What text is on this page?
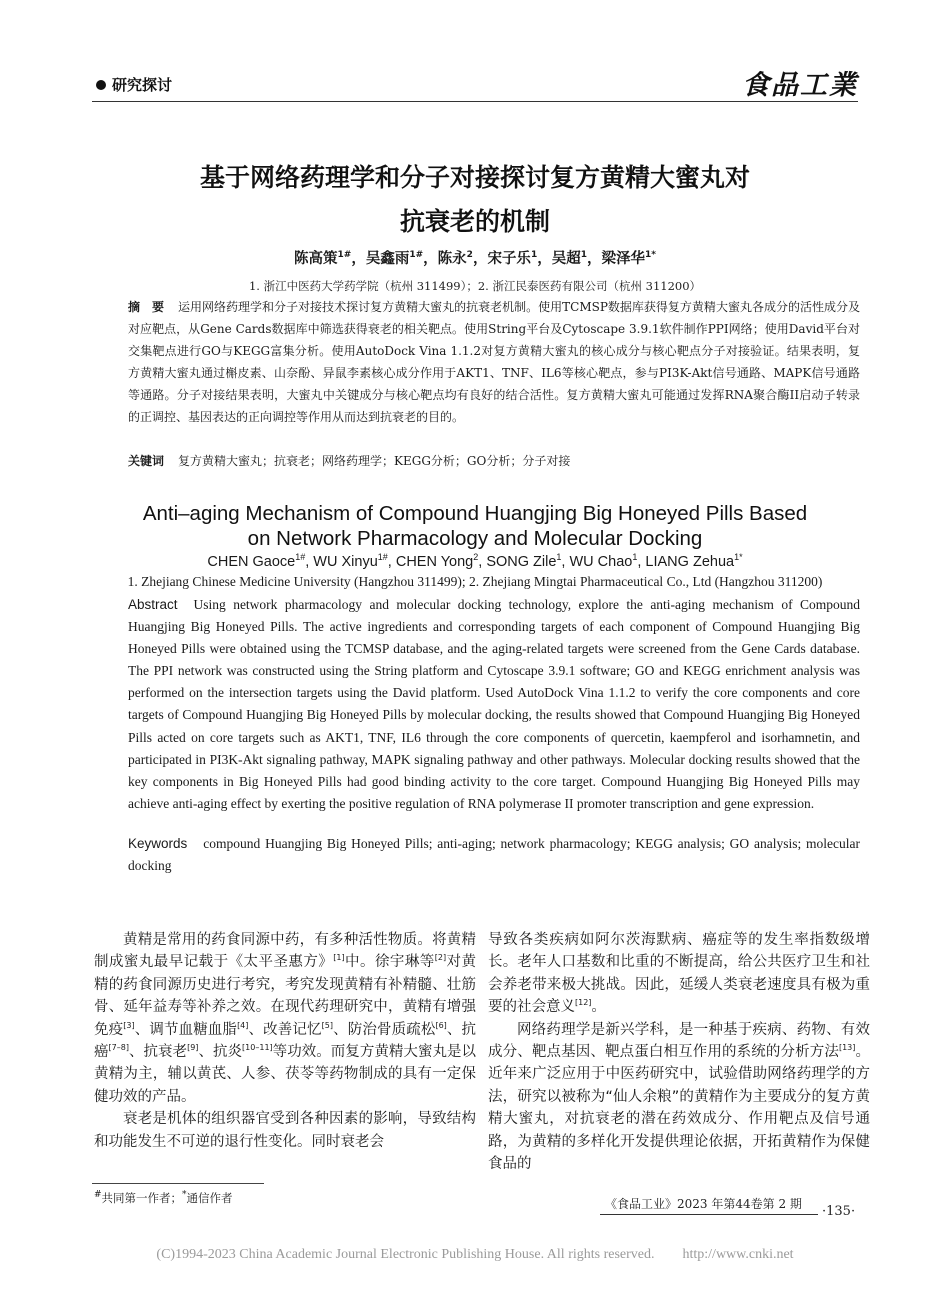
研究探讨	食品工業
基于网络药理学和分子对接探讨复方黄精大蜜丸对
抗衰老的机制
陈高策$^{1\#}$，吴鑫雨$^{1\#}$，陈永$^2$，宋子乐$^1$，吴超$^1$，梁泽华$^{1*}$
1. 浙江中医药大学药学院（杭州 311499）；2. 浙江民泰医药有限公司（杭州 311200）
摘　要 运用网络药理学和分子对接技术探讨复方黄精大蜜丸的抗衰老机制。使用TCMSP数据库获得复方黄精大蜜丸各成分的活性成分及对应靶点，从Gene Cards数据库中筛选获得衰老的相关靶点。使用String平台及Cytoscape 3.9.1软件制作PPI网络；使用David平台对交集靶点进行GO与KEGG富集分析。使用AutoDock Vina 1.1.2对复方黄精大蜜丸的核心成分与核心靶点分子对接验证。结果表明，复方黄精大蜜丸通过槲皮素、山奈酚、异鼠李素核心成分作用于AKT1、TNF、IL6等核心靶点，参与PI3K-Akt信号通路、MAPK信号通路等通路。分子对接结果表明，大蜜丸中关键成分与核心靶点均有良好的结合活性。复方黄精大蜜丸可能通过发挥RNA聚合酶II启动子转录的正调控、基因表达的正向调控等作用从而达到抗衰老的目的。
关键词 复方黄精大蜜丸；抗衰老；网络药理学；KEGG分析；GO分析；分子对接
Anti–aging Mechanism of Compound Huangjing Big Honeyed Pills Based
on Network Pharmacology and Molecular Docking
CHEN Gaoce$^{1\#}$, WU Xinyu$^{1\#}$, CHEN Yong$^2$, SONG Zile$^1$, WU Chao$^1$, LIANG Zehua$^{1*}$
1. Zhejiang Chinese Medicine University (Hangzhou 311499); 2. Zhejiang Mingtai Pharmaceutical Co., Ltd (Hangzhou 311200)
Abstract Using network pharmacology and molecular docking technology, explore the anti-aging mechanism of Compound Huangjing Big Honeyed Pills. The active ingredients and corresponding targets of each component of Compound Huangjing Big Honeyed Pills were obtained using the TCMSP database, and the aging-related targets were screened from the Gene Cards database. The PPI network was constructed using the String platform and Cytoscape 3.9.1 software; GO and KEGG enrichment analysis was performed on the intersection targets using the David platform. Used AutoDock Vina 1.1.2 to verify the core components and core targets of Compound Huangjing Big Honeyed Pills by molecular docking, the results showed that Compound Huangjing Big Honeyed Pills acted on core targets such as AKT1, TNF, IL6 through the core components of quercetin, kaempferol and isorhamnetin, and participated in PI3K-Akt signaling pathway, MAPK signaling pathway and other pathways. Molecular docking results showed that the key components in Big Honeyed Pills had good binding activity to the core target. Compound Huangjing Big Honeyed Pills may achieve anti-aging effect by exerting the positive regulation of RNA polymerase II promoter transcription and gene expression.
Keywords compound Huangjing Big Honeyed Pills; anti-aging; network pharmacology; KEGG analysis; GO analysis; molecular docking

黄精是常用的药食同源中药，有多种活性物质。将黄精制成蜜丸最早记载于《太平圣惠方》[1]中。徐宇琳等[2]对黄精的药食同源历史进行考究，考究发现黄精有补精髓、壮筋骨、延年益寿等补养之效。在现代药理研究中，黄精有增强免疫[3]、调节血糖血脂[4]、改善记忆[5]、防治骨质疏松[6]、抗癌[7–8]、抗衰老[9]、抗炎[10–11]等功效。而复方黄精大蜜丸是以黄精为主，辅以黄芪、人参、茯苓等药物制成的具有一定保健功效的产品。

衰老是机体的组织器官受到各种因素的影响，导致结构和功能发生不可逆的退行性变化。同时衰老会

导致各类疾病如阿尔茨海默病、癌症等的发生率指数级增长。老年人口基数和比重的不断提高，给公共医疗卫生和社会养老带来极大挑战。因此，延缓人类衰老速度具有极为重要的社会意义[12]。

网络药理学是新兴学科，是一种基于疾病、药物、有效成分、靶点基因、靶点蛋白相互作用的系统的分析方法[13]。近年来广泛应用于中医药研究中，试验借助网络药理学的方法，研究以被称为“仙人余粮”的黄精作为主要成分的复方黄精大蜜丸，对抗衰老的潜在药效成分、作用靶点及信号通路，为黄精的多样化开发提供理论依据，开拓黄精作为保健食品的

#共同第一作者；*通信作者	《食品工业》2023 年第44卷第 2 期 ·135·
(C)1994-2023 China Academic Journal Electronic Publishing House. All rights reserved.　　http://www.cnki.net
